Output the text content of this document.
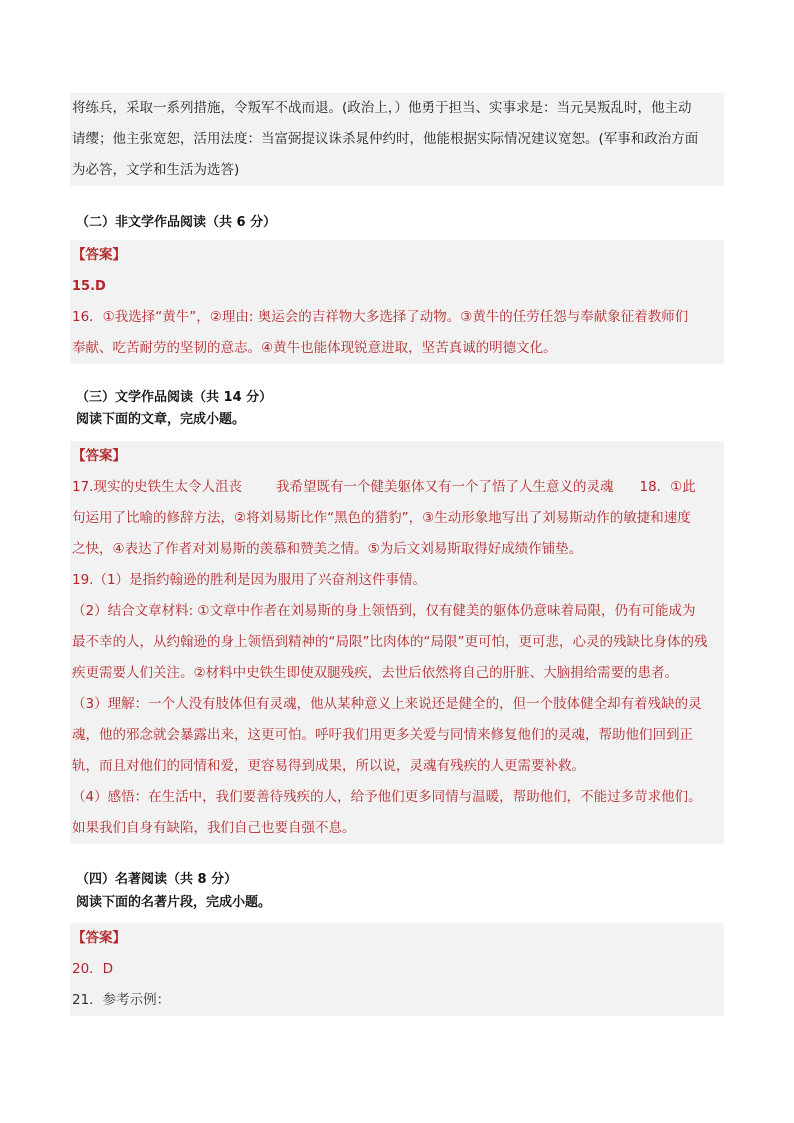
将练兵，采取一系列措施，令叛军不战而退。(政治上，）他勇于担当、实事求是：当元昊叛乱时，他主动
请缨；他主张宽恕，活用法度：当富弼提议诛杀晁仲约时，他能根据实际情况建议宽恕。(军事和政治方面
为必答，文学和生活为选答)
（二）非文学作品阅读（共 6 分）
【答案】
15.D
16．①我选择“黄牛”，②理由: 奥运会的吉祥物大多选择了动物。③黄牛的任劳任怨与奉献象征着教师们
奉献、吃苦耐劳的坚韧的意志。④黄牛也能体现锐意进取，坚苦真诚的明德文化。
（三）文学作品阅读（共 14 分）
阅读下面的文章，完成小题。
【答案】
17.现实的史铁生太令人沮丧	我希望既有一个健美躯体又有一个了悟了人生意义的灵魂 18．①此
句运用了比喻的修辞方法，②将刘易斯比作“黑色的猎豹”，③生动形象地写出了刘易斯动作的敏捷和速度
之快，④表达了作者对刘易斯的羡慕和赞美之情。⑤为后文刘易斯取得好成绩作铺垫。
19.（1）是指约翰逊的胜利是因为服用了兴奋剂这件事情。
（2）结合文章材料: ①文章中作者在刘易斯的身上领悟到，仅有健美的躯体仍意味着局限，仍有可能成为
最不幸的人，从约翰逊的身上领悟到精神的“局限”比肉体的“局限”更可怕，更可悲，心灵的残缺比身体的残
疾更需要人们关注。②材料中史铁生即使双腿残疾，去世后依然将自己的肝脏、大脑捐给需要的患者。
（3）理解：一个人没有肢体但有灵魂，他从某种意义上来说还是健全的，但一个肢体健全却有着残缺的灵
魂，他的邪念就会暴露出来，这更可怕。呼吁我们用更多关爱与同情来修复他们的灵魂，帮助他们回到正
轨，而且对他们的同情和爱，更容易得到成果，所以说，灵魂有残疾的人更需要补救。
（4）感悟：在生活中，我们要善待残疾的人，给予他们更多同情与温暖，帮助他们，不能过多苛求他们。
如果我们自身有缺陷，我们自己也要自强不息。
（四）名著阅读（共 8 分）
阅读下面的名著片段，完成小题。
【答案】
20．D
21．参考示例：
